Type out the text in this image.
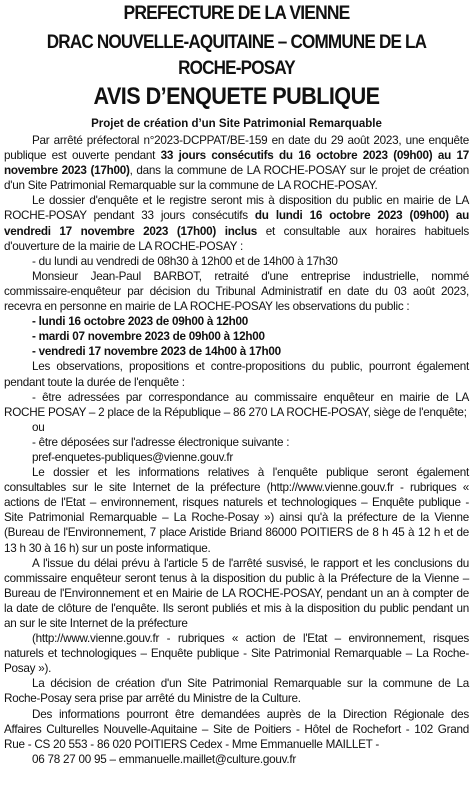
PREFECTURE DE LA VIENNE
DRAC NOUVELLE-AQUITAINE – COMMUNE DE LA
ROCHE-POSAY
AVIS D’ENQUETE PUBLIQUE
Projet de création d’un Site Patrimonial Remarquable

Par arrêté préfectoral n°2023-DCPPAT/BE-159 en date du 29 août 2023, une enquête publique est ouverte pendant 33 jours consécutifs du 16 octobre 2023 (09h00) au 17 novembre 2023 (17h00), dans la commune de LA ROCHE-POSAY sur le projet de création d'un Site Patrimonial Remarquable sur la commune de LA ROCHE-POSAY.

Le dossier d'enquête et le registre seront mis à disposition du public en mairie de LA ROCHE-POSAY pendant 33 jours consécutifs du lundi 16 octobre 2023 (09h00) au vendredi 17 novembre 2023 (17h00) inclus et consultable aux horaires habituels d'ouverture de la mairie de LA ROCHE-POSAY :

- du lundi au vendredi de 08h30 à 12h00 et de 14h00 à 17h30

Monsieur Jean-Paul BARBOT, retraité d'une entreprise industrielle, nommé commissaire-enquêteur par décision du Tribunal Administratif en date du 03 août 2023, recevra en personne en mairie de LA ROCHE-POSAY les observations du public :

- lundi 16 octobre 2023 de 09h00 à 12h00

- mardi 07 novembre 2023 de 09h00 à 12h00

- vendredi 17 novembre 2023 de 14h00 à 17h00

Les observations, propositions et contre-propositions du public, pourront également pendant toute la durée de l'enquête :

- être adressées par correspondance au commissaire enquêteur en mairie de LA ROCHE POSAY – 2 place de la République – 86 270 LA ROCHE-POSAY, siège de l'enquête;

ou

- être déposées sur l'adresse électronique suivante :

pref-enquetes-publiques@vienne.gouv.fr

Le dossier et les informations relatives à l'enquête publique seront également consultables sur le site Internet de la préfecture (http://www.vienne.gouv.fr - rubriques « actions de l'Etat – environnement, risques naturels et technologiques – Enquête publique - Site Patrimonial Remarquable – La Roche-Posay ») ainsi qu'à la préfecture de la Vienne (Bureau de l'Environnement, 7 place Aristide Briand 86000 POITIERS de 8 h 45 à 12 h et de 13 h 30 à 16 h) sur un poste informatique.

A l'issue du délai prévu à l'article 5 de l'arrêté susvisé, le rapport et les conclusions du commissaire enquêteur seront tenus à la disposition du public à la Préfecture de la Vienne – Bureau de l'Environnement et en Mairie de LA ROCHE-POSAY, pendant un an à compter de la date de clôture de l'enquête. Ils seront publiés et mis à la disposition du public pendant un an sur le site Internet de la préfecture

(http://www.vienne.gouv.fr - rubriques « action de l'Etat – environnement, risques naturels et technologiques – Enquête publique - Site Patrimonial Remarquable – La Roche-Posay »).

La décision de création d'un Site Patrimonial Remarquable sur la commune de La Roche-Posay sera prise par arrêté du Ministre de la Culture.

Des informations pourront être demandées auprès de la Direction Régionale des Affaires Culturelles Nouvelle-Aquitaine – Site de Poitiers - Hôtel de Rochefort - 102 Grand Rue - CS 20 553 - 86 020 POITIERS Cedex - Mme Emmanuelle MAILLET -

06 78 27 00 95 – emmanuelle.maillet@culture.gouv.fr
